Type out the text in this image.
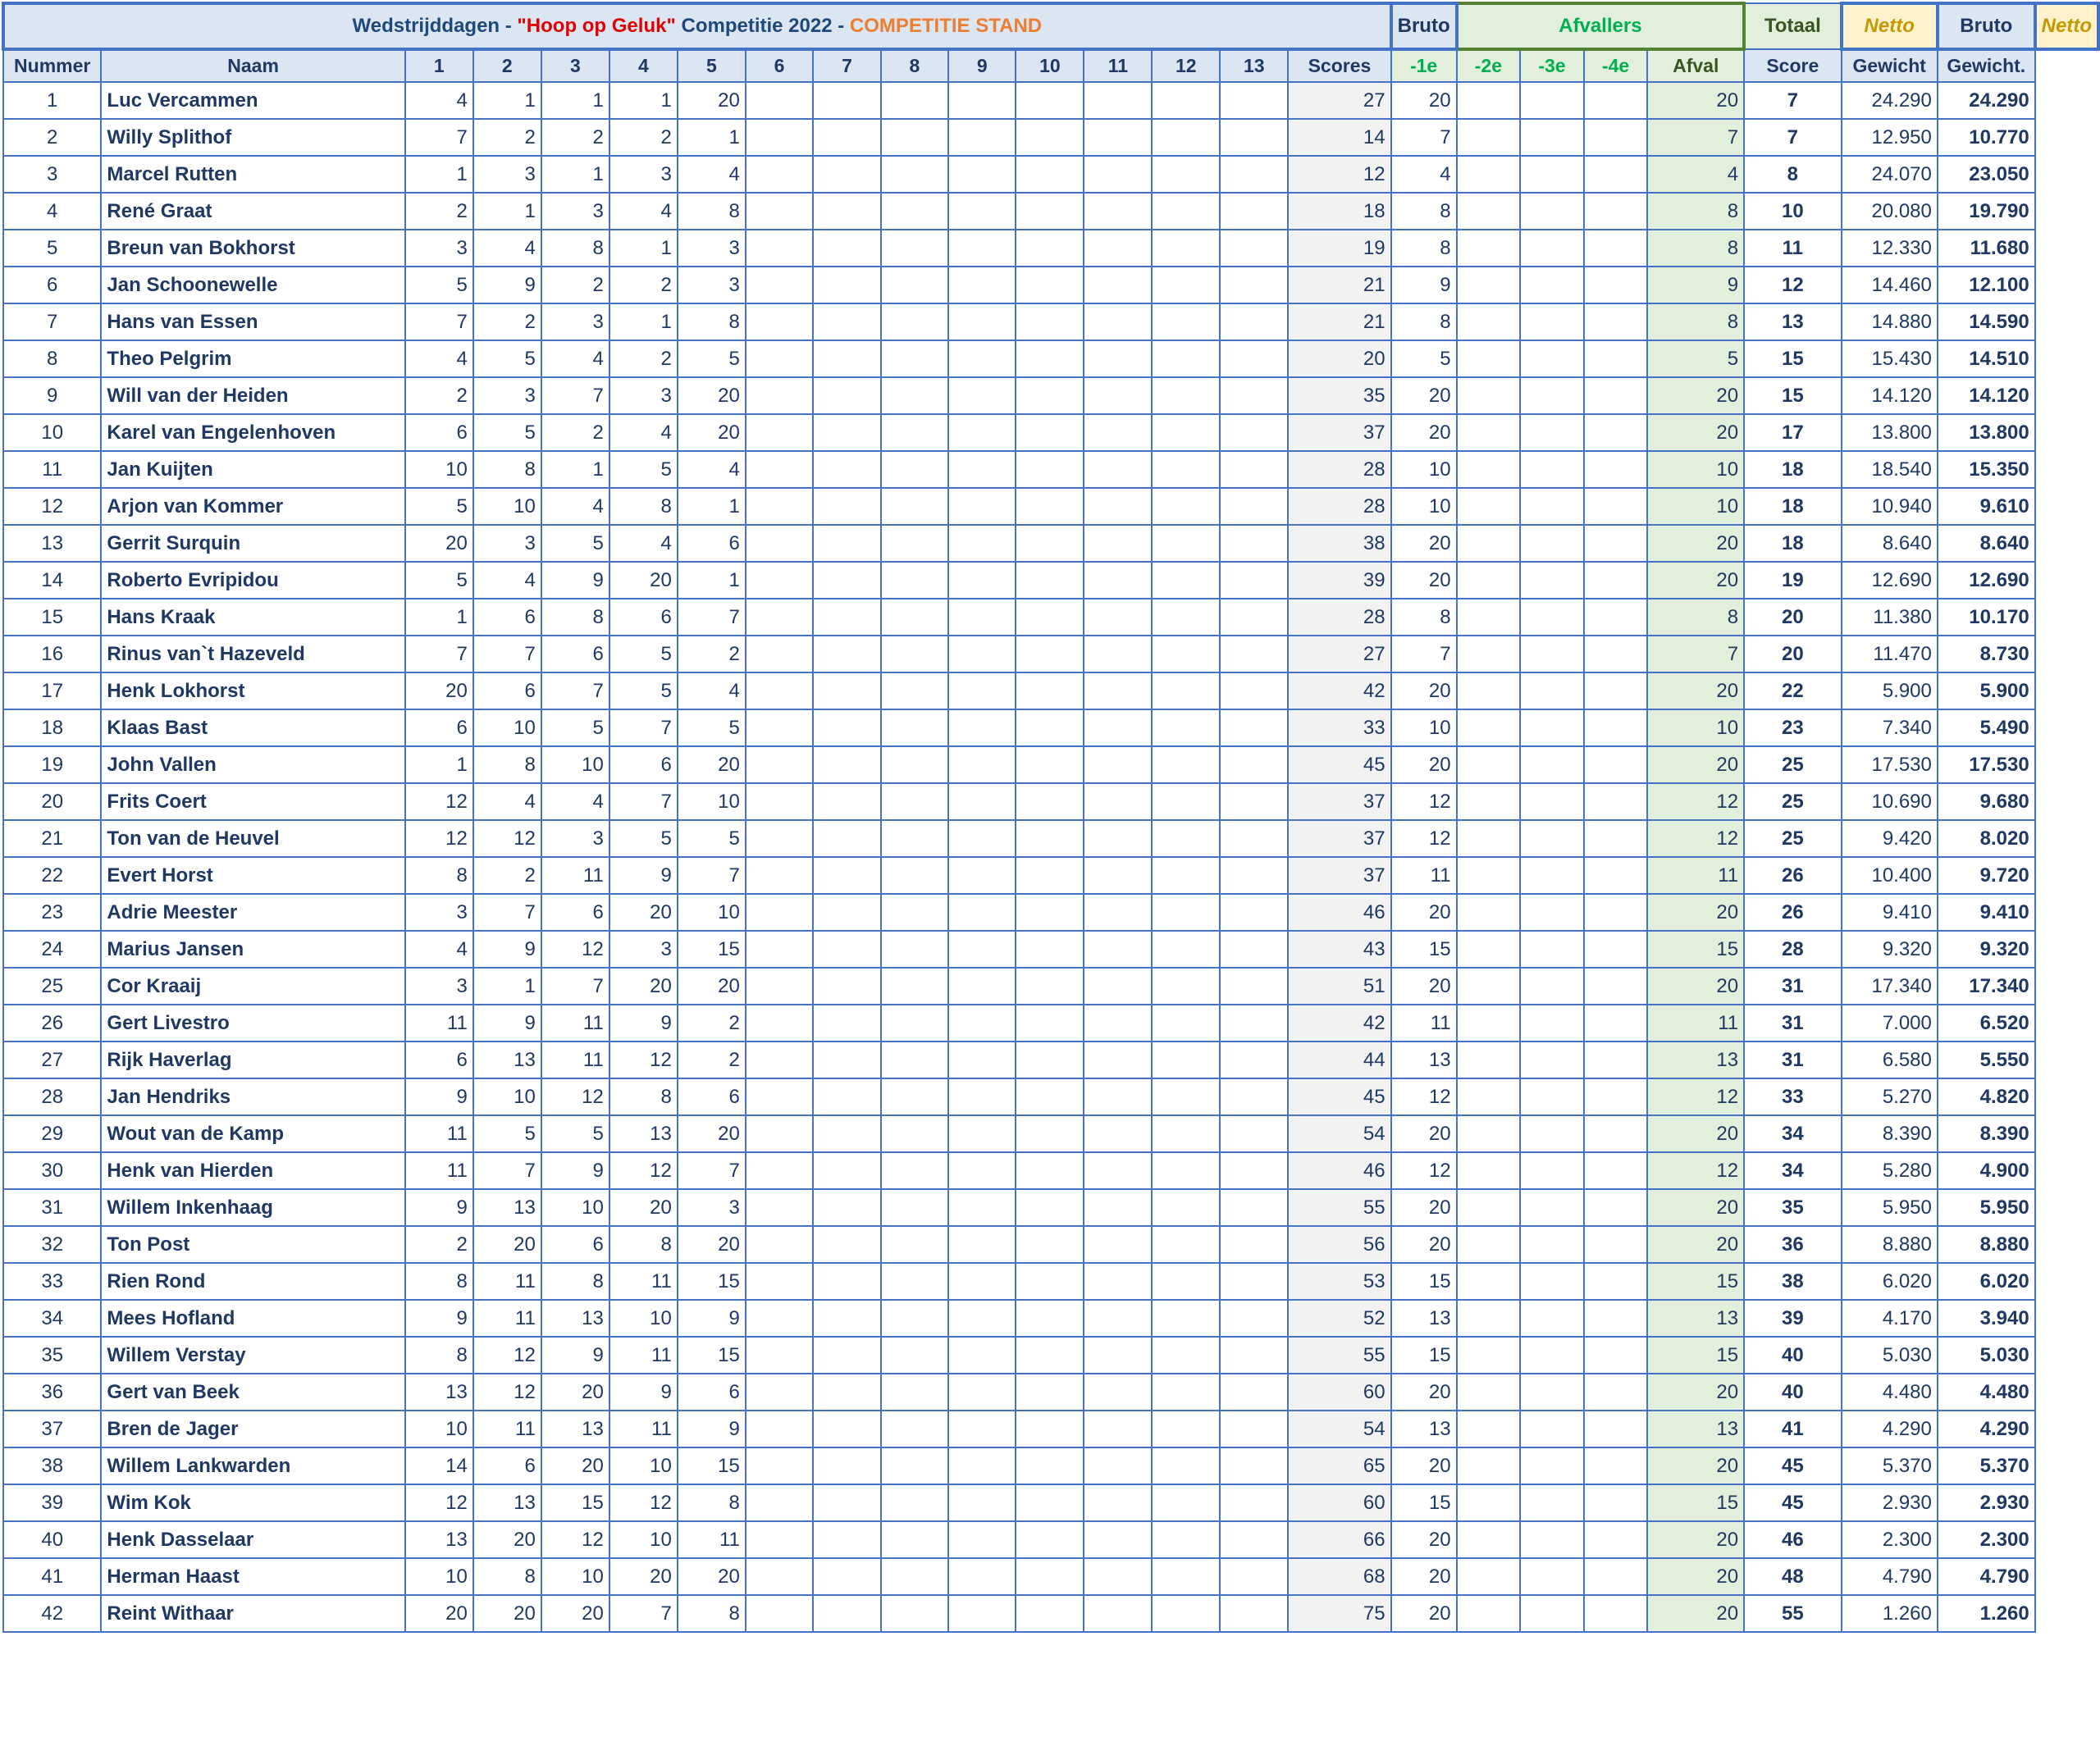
Wedstrijddagen - "Hoop op Geluk" Competitie 2022 - COMPETITIE STAND																Bruto	Afvallers				Totaal	Netto	Bruto	Netto
Nummer	Naam	1	2	3	4	5	6	7	8	9	10	11	12	13	Scores	-1e	-2e	-3e	-4e	Afval	Score	Gewicht	Gewicht.	
1	Luc Vercammen	4	1	1	1	20									27	20				20	7	24.290	24.290	
2	Willy Splithof	7	2	2	2	1									14	7				7	7	12.950	10.770	
3	Marcel Rutten	1	3	1	3	4									12	4				4	8	24.070	23.050	
4	René Graat	2	1	3	4	8									18	8				8	10	20.080	19.790	
5	Breun van Bokhorst	3	4	8	1	3									19	8				8	11	12.330	11.680	
6	Jan Schoonewelle	5	9	2	2	3									21	9				9	12	14.460	12.100	
7	Hans van Essen	7	2	3	1	8									21	8				8	13	14.880	14.590	
8	Theo Pelgrim	4	5	4	2	5									20	5				5	15	15.430	14.510	
9	Will van der Heiden	2	3	7	3	20									35	20				20	15	14.120	14.120	
10	Karel van Engelenhoven	6	5	2	4	20									37	20				20	17	13.800	13.800	
11	Jan Kuijten	10	8	1	5	4									28	10				10	18	18.540	15.350	
12	Arjon van Kommer	5	10	4	8	1									28	10				10	18	10.940	9.610	
13	Gerrit Surquin	20	3	5	4	6									38	20				20	18	8.640	8.640	
14	Roberto Evripidou	5	4	9	20	1									39	20				20	19	12.690	12.690	
15	Hans Kraak	1	6	8	6	7									28	8				8	20	11.380	10.170	
16	Rinus van`t Hazeveld	7	7	6	5	2									27	7				7	20	11.470	8.730	
17	Henk Lokhorst	20	6	7	5	4									42	20				20	22	5.900	5.900	
18	Klaas Bast	6	10	5	7	5									33	10				10	23	7.340	5.490	
19	John Vallen	1	8	10	6	20									45	20				20	25	17.530	17.530	
20	Frits Coert	12	4	4	7	10									37	12				12	25	10.690	9.680	
21	Ton van de Heuvel	12	12	3	5	5									37	12				12	25	9.420	8.020	
22	Evert Horst	8	2	11	9	7									37	11				11	26	10.400	9.720	
23	Adrie Meester	3	7	6	20	10									46	20				20	26	9.410	9.410	
24	Marius Jansen	4	9	12	3	15									43	15				15	28	9.320	9.320	
25	Cor Kraaij	3	1	7	20	20									51	20				20	31	17.340	17.340	
26	Gert Livestro	11	9	11	9	2									42	11				11	31	7.000	6.520	
27	Rijk Haverlag	6	13	11	12	2									44	13				13	31	6.580	5.550	
28	Jan Hendriks	9	10	12	8	6									45	12				12	33	5.270	4.820	
29	Wout van de Kamp	11	5	5	13	20									54	20				20	34	8.390	8.390	
30	Henk van Hierden	11	7	9	12	7									46	12				12	34	5.280	4.900	
31	Willem Inkenhaag	9	13	10	20	3									55	20				20	35	5.950	5.950	
32	Ton Post	2	20	6	8	20									56	20				20	36	8.880	8.880	
33	Rien Rond	8	11	8	11	15									53	15				15	38	6.020	6.020	
34	Mees Hofland	9	11	13	10	9									52	13				13	39	4.170	3.940	
35	Willem Verstay	8	12	9	11	15									55	15				15	40	5.030	5.030	
36	Gert van Beek	13	12	20	9	6									60	20				20	40	4.480	4.480	
37	Bren de Jager	10	11	13	11	9									54	13				13	41	4.290	4.290	
38	Willem Lankwarden	14	6	20	10	15									65	20				20	45	5.370	5.370	
39	Wim Kok	12	13	15	12	8									60	15				15	45	2.930	2.930	
40	Henk Dasselaar	13	20	12	10	11									66	20				20	46	2.300	2.300	
41	Herman Haast	10	8	10	20	20									68	20				20	48	4.790	4.790	
42	Reint Withaar	20	20	20	7	8									75	20				20	55	1.260	1.260	
